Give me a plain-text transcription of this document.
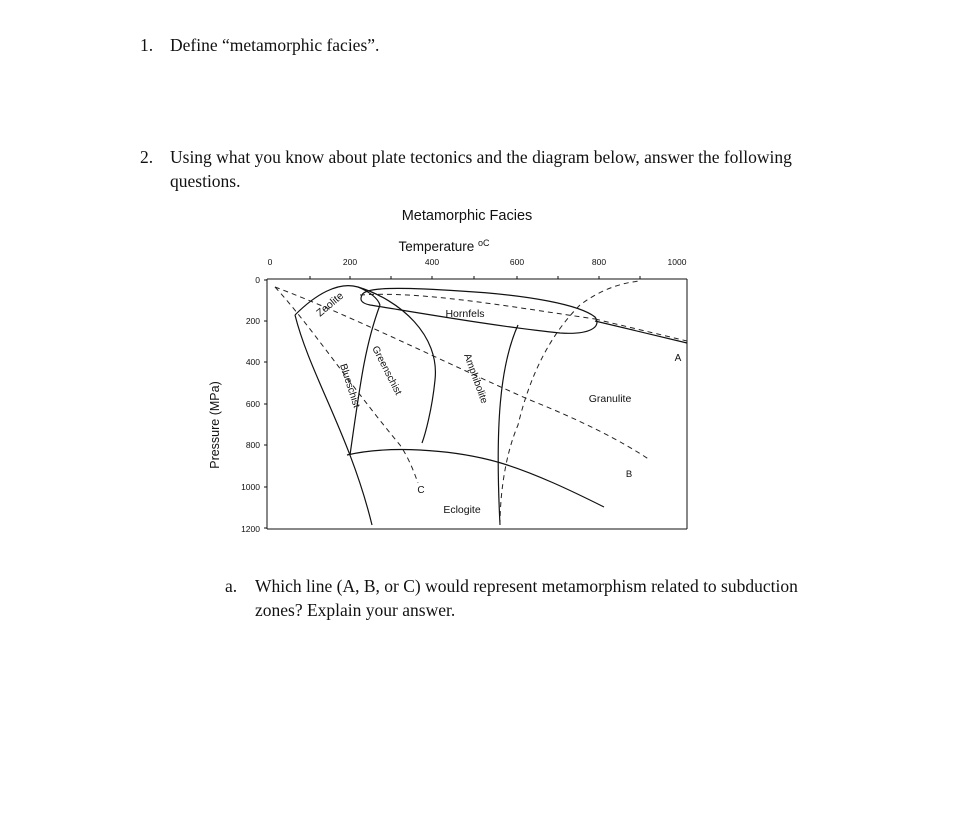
1. Define “metamorphic facies”.
2. Using what you know about plate tectonics and the diagram below, answer the following
questions.
Metamorphic Facies
Temperature $^{oC}$
Pressure (MPa)
0	200	400	600	800	1000
0
200
400
600
800
1000
1200
Zeolite	Hornfels
Blueschist Greenschist	Amphibolite	Granulite
Eclogite
A
B
C
a. Which line (A, B, or C) would represent metamorphism related to subduction
zones? Explain your answer.
